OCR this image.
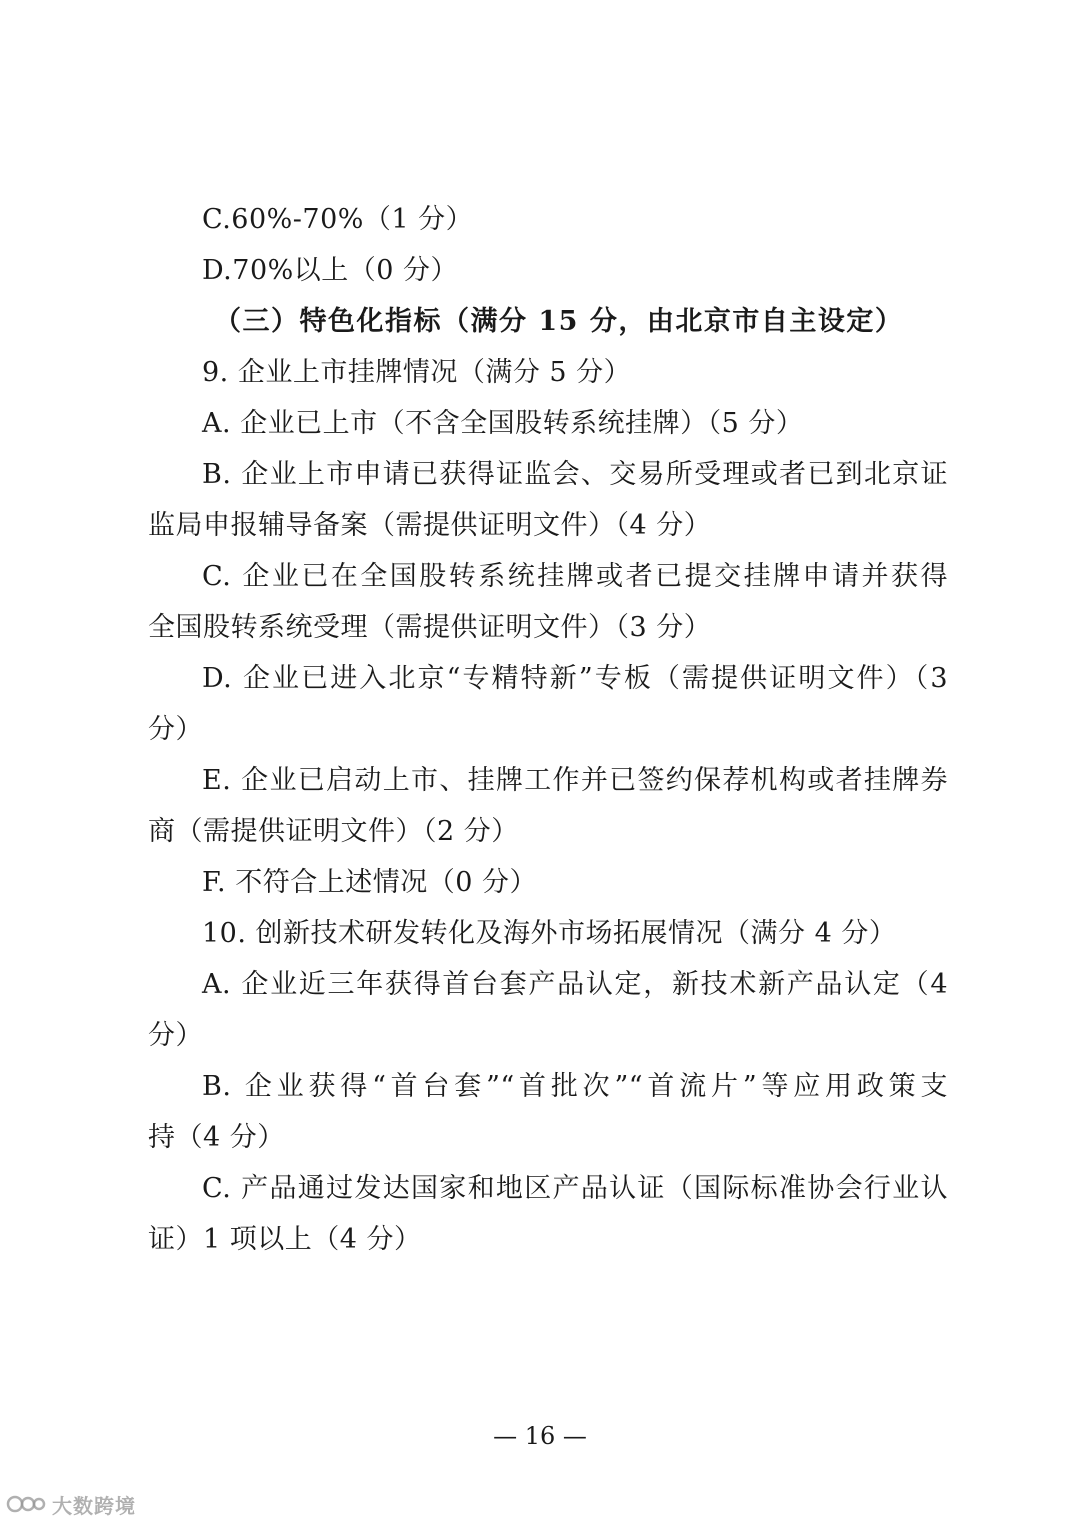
C.60%-70%（1 分）
D.70%以上（0 分）
（三）特色化指标（满分 15 分，由北京市自主设定）
9. 企业上市挂牌情况（满分 5 分）
A. 企业已上市（不含全国股转系统挂牌）（5 分）
B. 企业上市申请已获得证监会、交易所受理或者已到北京证
监局申报辅导备案（需提供证明文件）（4 分）
C. 企业已在全国股转系统挂牌或者已提交挂牌申请并获得
全国股转系统受理（需提供证明文件）（3 分）
D. 企业已进入北京“专精特新”专板（需提供证明文件）（3
分）
E. 企业已启动上市、挂牌工作并已签约保荐机构或者挂牌券
商（需提供证明文件）（2 分）
F. 不符合上述情况（0 分）
10. 创新技术研发转化及海外市场拓展情况（满分 4 分）
A. 企业近三年获得首台套产品认定，新技术新产品认定（4
分）
B. 企业获得“首台套”“首批次”“首流片”等应用政策支
持（4 分）
C. 产品通过发达国家和地区产品认证（国际标准协会行业认
证）1 项以上（4 分）
— 16 —
大数跨境
